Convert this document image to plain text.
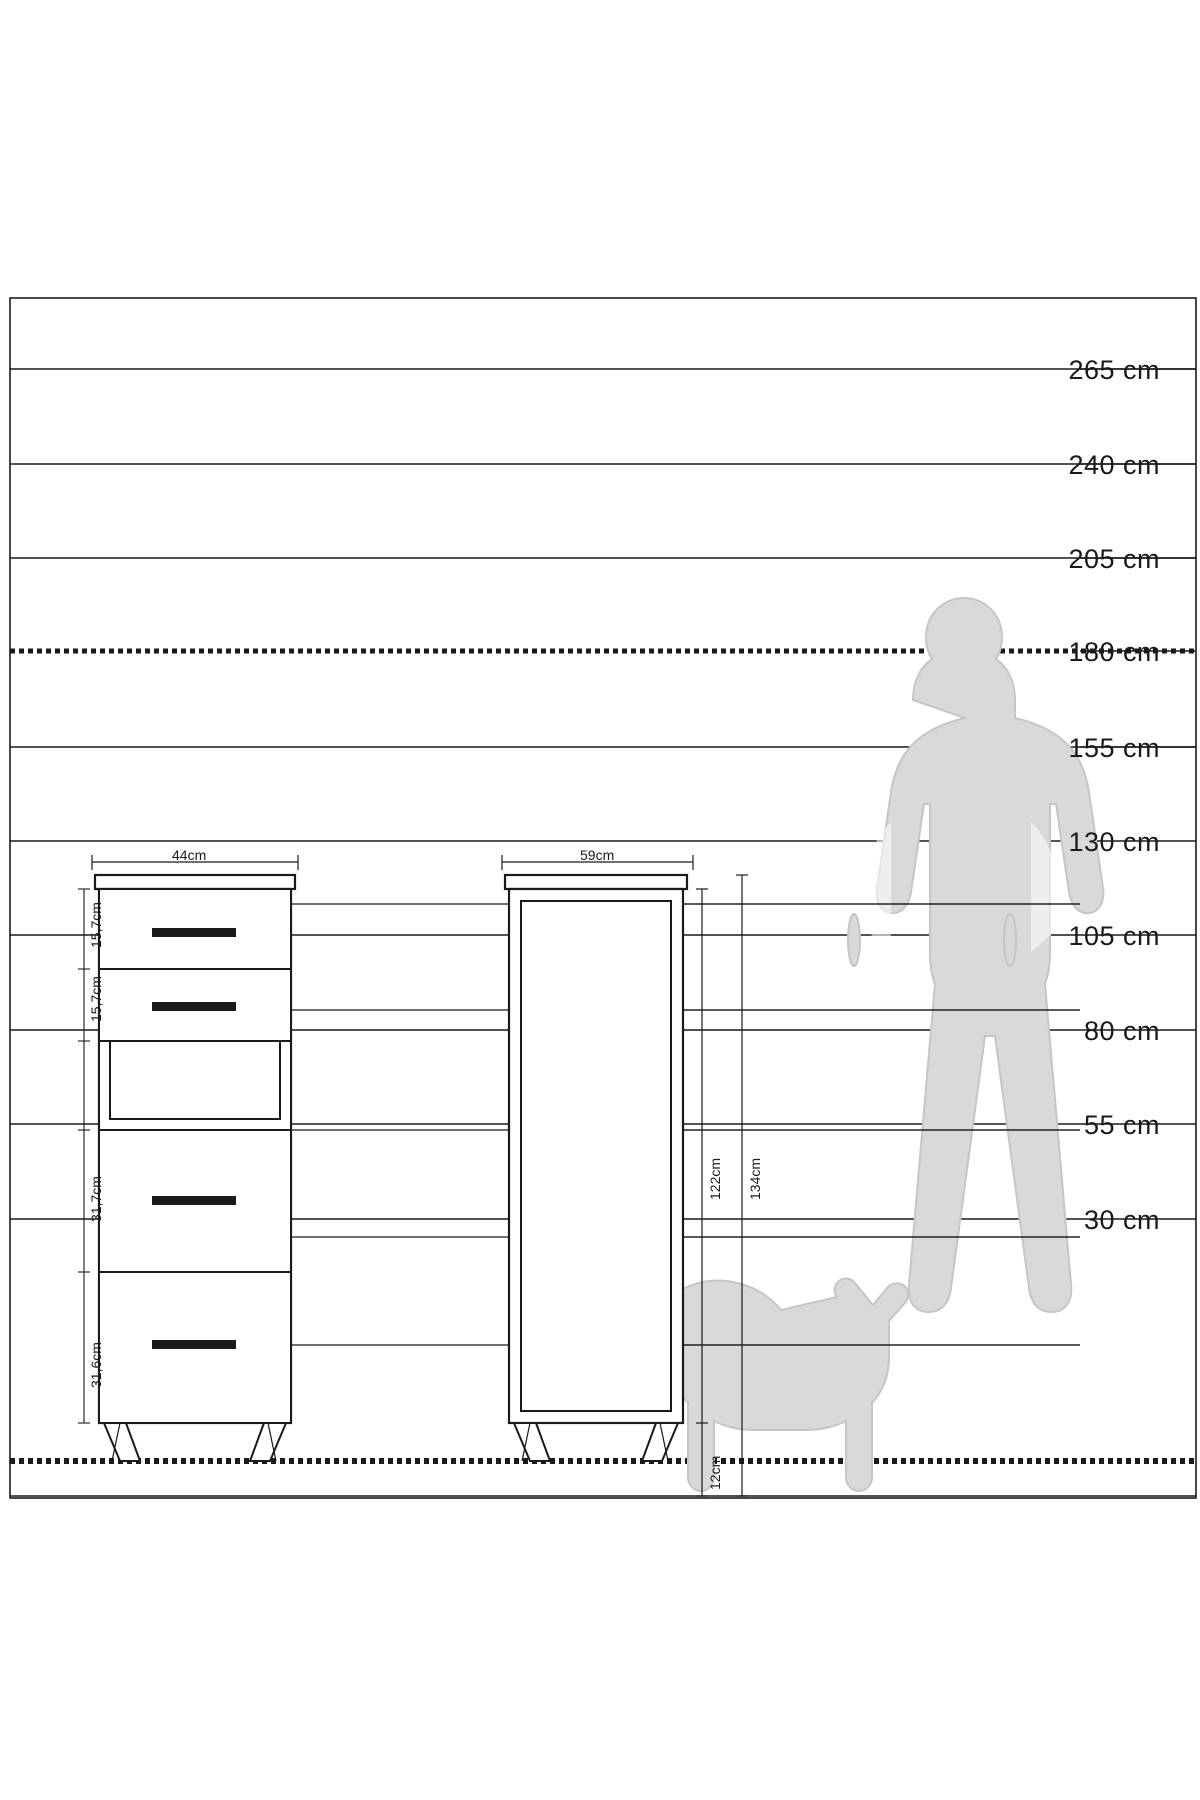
265 cm
240 cm
205 cm
180 cm
155 cm
130 cm
105 cm
80 cm
55 cm
30 cm
44cm	59cm
15,7cm
15,7cm
31,7cm
31,6cm
122cm 134cm
12cm
